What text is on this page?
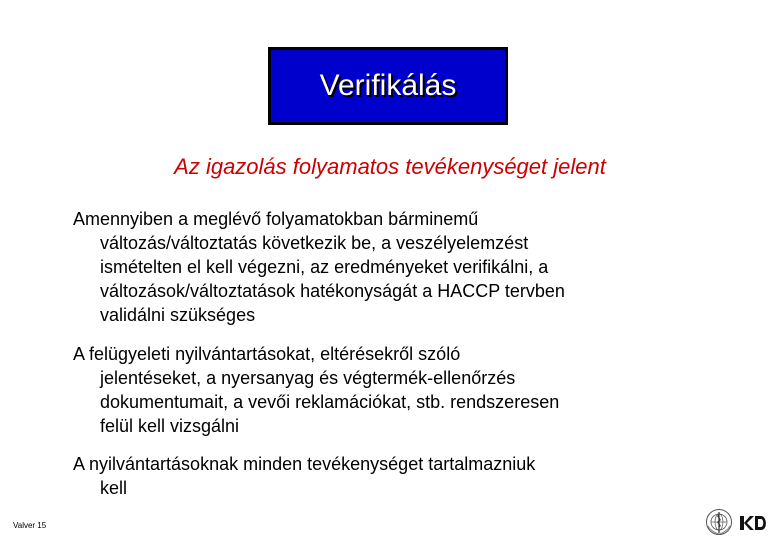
Verifikálás
Az igazolás folyamatos tevékenységet jelent
Amennyiben a meglévő folyamatokban bárminemű
változás/változtatás következik be, a veszélyelemzést
ismételten el kell végezni, az eredményeket verifikálni, a
változások/változtatások hatékonyságát a HACCP tervben
validálni szükséges
A felügyeleti nyilvántartásokat, eltérésekről szóló
jelentéseket, a nyersanyag és végtermék-ellenőrzés
dokumentumait, a vevői reklamációkat, stb. rendszeresen
felül kell vizsgálni
A nyilvántartásoknak minden tevékenységet tartalmazniuk
kell
Valver 15
